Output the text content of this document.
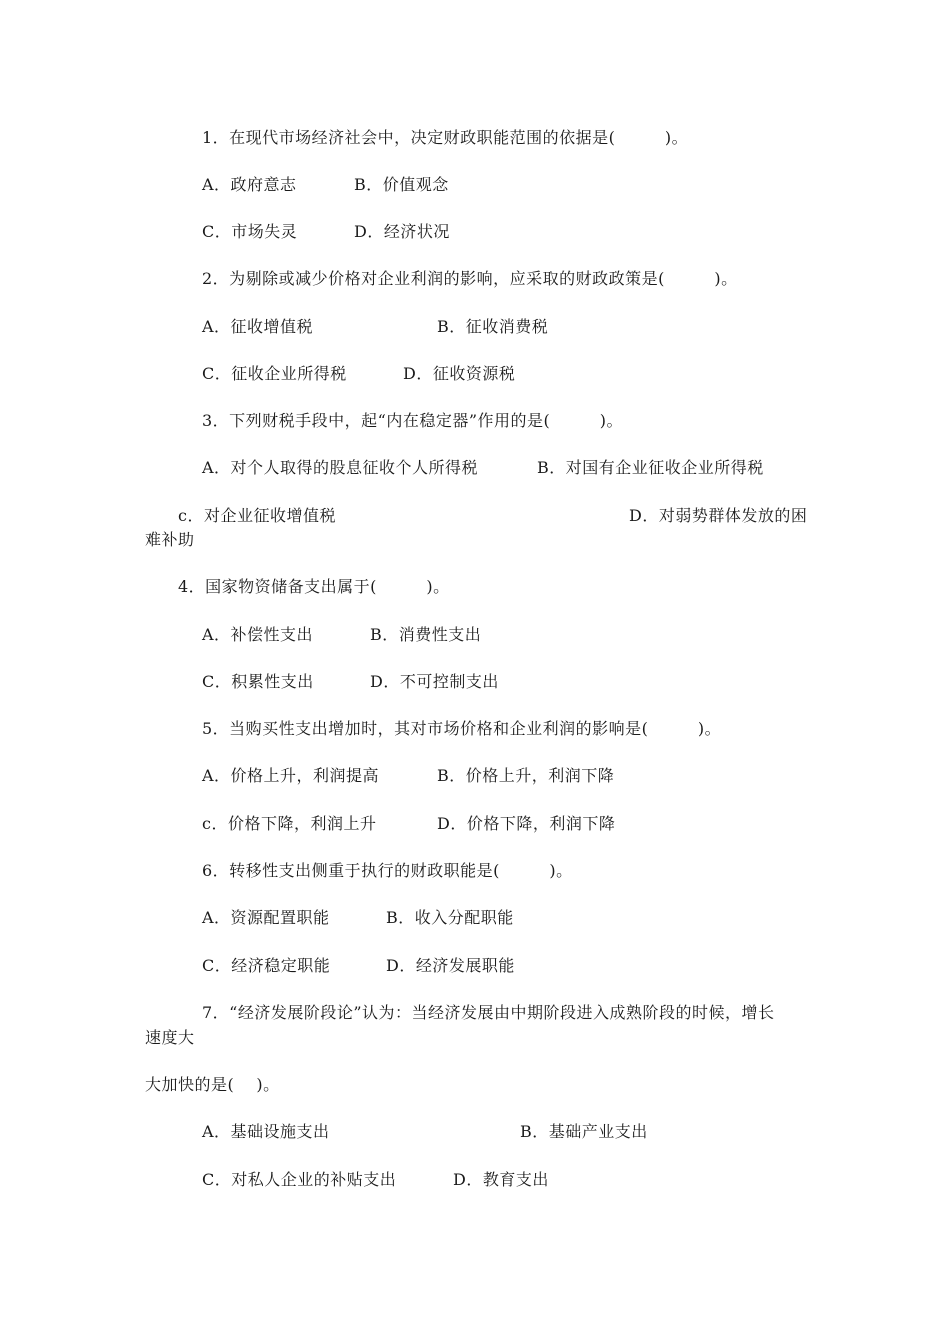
1．在现代市场经济社会中，决定财政职能范围的依据是(　　　)。
A．政府意志	B．价值观念
C．市场失灵	D．经济状况
2．为剔除或减少价格对企业利润的影响，应采取的财政政策是(　　　)。
A．征收增值税	B．征收消费税
C．征收企业所得税	D．征收资源税
3．下列财税手段中，起“内在稳定器”作用的是(　　　)。
A．对个人取得的股息征收个人所得税	B．对国有企业征收企业所得税
c．对企业征收增值税	D．对弱势群体发放的困
难补助
4．国家物资储备支出属于(　　　)。
A．补偿性支出	B．消费性支出
C．积累性支出	D．不可控制支出
5．当购买性支出增加时，其对市场价格和企业利润的影响是(　　　)。
A．价格上升，利润提高	B．价格上升，利润下降
c．价格下降，利润上升	D．价格下降，利润下降
6．转移性支出侧重于执行的财政职能是(　　　)。
A．资源配置职能	B．收入分配职能
C．经济稳定职能	D．经济发展职能
7．“经济发展阶段论”认为：当经济发展由中期阶段进入成熟阶段的时候，增长
速度大
大加快的是(　 )。
A．基础设施支出	B．基础产业支出
C．对私人企业的补贴支出	D．教育支出
